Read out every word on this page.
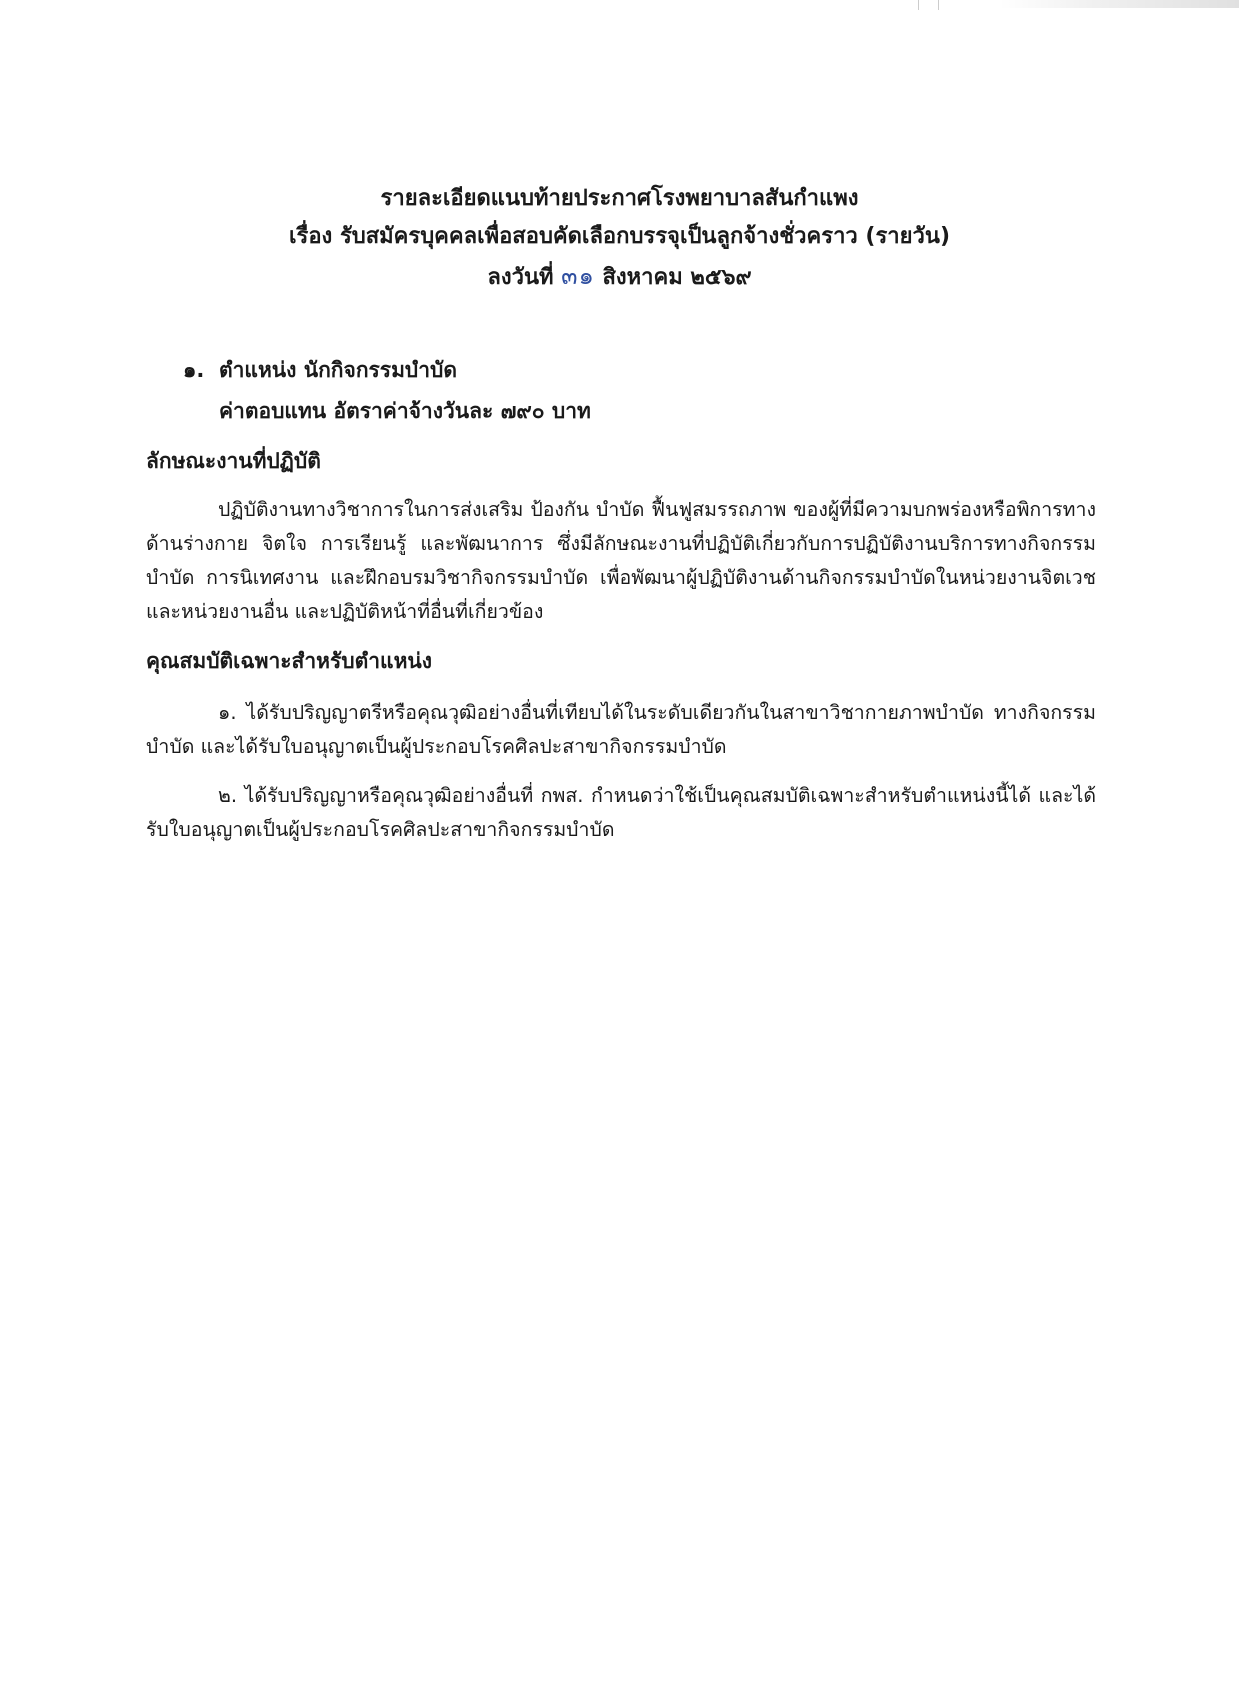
รายละเอียดแนบท้ายประกาศโรงพยาบาลสันกำแพง
เรื่อง รับสมัครบุคคลเพื่อสอบคัดเลือกบรรจุเป็นลูกจ้างชั่วคราว (รายวัน)
ลงวันที่ ๓๑ สิงหาคม ๒๕๖๙
๑. ตำแหน่ง นักกิจกรรมบำบัด
ค่าตอบแทน อัตราค่าจ้างวันละ ๗๙๐ บาท
ลักษณะงานที่ปฏิบัติ
ปฏิบัติงานทางวิชาการในการส่งเสริม ป้องกัน บำบัด ฟื้นฟูสมรรถภาพ ของผู้ที่มีความบกพร่องหรือพิการทางด้านร่างกาย จิตใจ การเรียนรู้ และพัฒนาการ ซึ่งมีลักษณะงานที่ปฏิบัติเกี่ยวกับการปฏิบัติงานบริการทางกิจกรรมบำบัด การนิเทศงาน และฝึกอบรมวิชากิจกรรมบำบัด เพื่อพัฒนาผู้ปฏิบัติงานด้านกิจกรรมบำบัดในหน่วยงานจิตเวช และหน่วยงานอื่น และปฏิบัติหน้าที่อื่นที่เกี่ยวข้อง
คุณสมบัติเฉพาะสำหรับตำแหน่ง
๑. ได้รับปริญญาตรีหรือคุณวุฒิอย่างอื่นที่เทียบได้ในระดับเดียวกันในสาขาวิชากายภาพบำบัด ทางกิจกรรมบำบัด และได้รับใบอนุญาตเป็นผู้ประกอบโรคศิลปะสาขากิจกรรมบำบัด
๒. ได้รับปริญญาหรือคุณวุฒิอย่างอื่นที่ กพส. กำหนดว่าใช้เป็นคุณสมบัติเฉพาะสำหรับตำแหน่งนี้ได้ และได้รับใบอนุญาตเป็นผู้ประกอบโรคศิลปะสาขากิจกรรมบำบัด
